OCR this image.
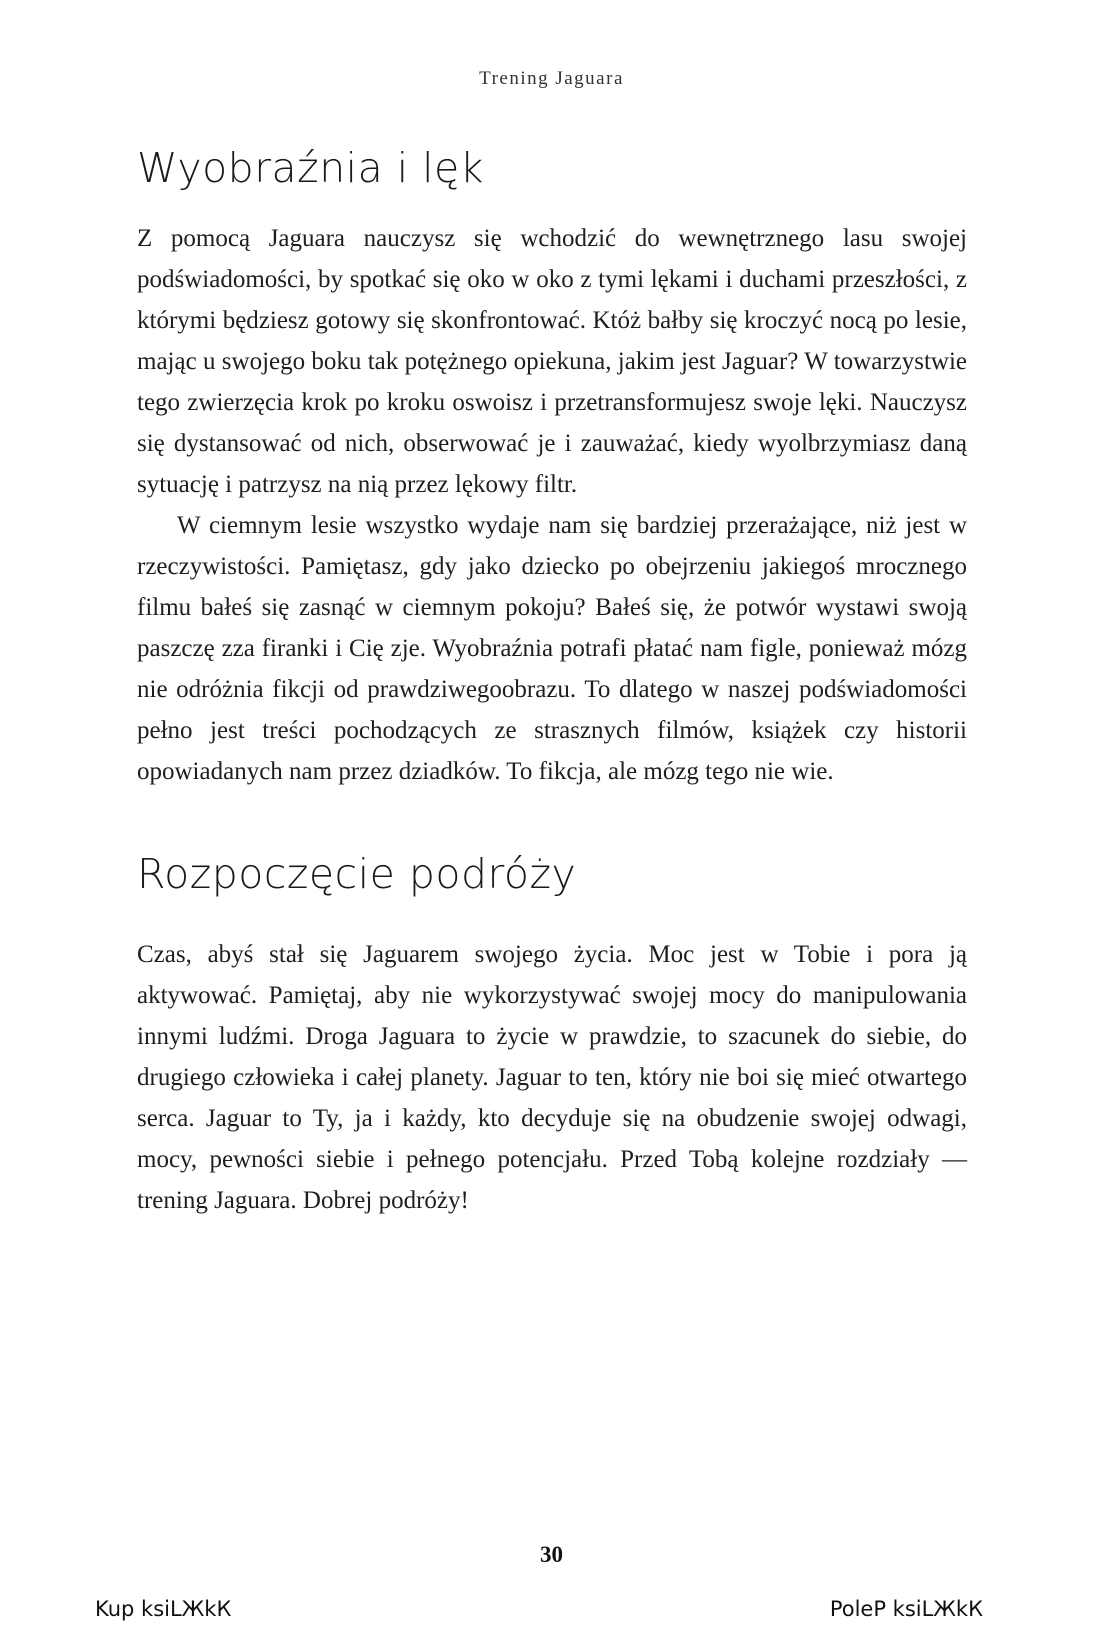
Trening Jaguara
Wyobraźnia i lęk

Z pomocą Jaguara nauczysz się wchodzić do wewnętrznego lasu swojej podświadomości, by spotkać się oko w oko z tymi lękami i duchami przeszłości, z którymi będziesz gotowy się skonfrontować. Któż bałby się kroczyć nocą po lesie, mając u swojego boku tak potężnego opiekuna, jakim jest Jaguar? W towarzystwie tego zwierzęcia krok po kroku oswoisz i przetransformujesz swoje lęki. Nauczysz się dystansować od nich, obserwować je i zauważać, kiedy wyolbrzymiasz daną sytuację i patrzysz na nią przez lękowy filtr.

W ciemnym lesie wszystko wydaje nam się bardziej przerażające, niż jest w rzeczywistości. Pamiętasz, gdy jako dziecko po obejrzeniu jakiegoś mrocznego filmu bałeś się zasnąć w ciemnym pokoju? Bałeś się, że potwór wystawi swoją paszczę zza firanki i Cię zje. Wyobraźnia potrafi płatać nam figle, ponieważ mózg nie odróżnia fikcji od prawdziwegoobrazu. To dlatego w naszej podświadomości pełno jest treści pochodzących ze strasznych filmów, książek czy historii opowiadanych nam przez dziadków. To fikcja, ale mózg tego nie wie.

Rozpoczęcie podróży

Czas, abyś stał się Jaguarem swojego życia. Moc jest w Tobie i pora ją aktywować. Pamiętaj, aby nie wykorzystywać swojej mocy do manipulowania innymi ludźmi. Droga Jaguara to życie w prawdzie, to szacunek do siebie, do drugiego człowieka i całej planety. Jaguar to ten, który nie boi się mieć otwartego serca. Jaguar to Ty, ja i każdy, kto decyduje się na obudzenie swojej odwagi, mocy, pewności siebie i pełnego potencjału. Przed Tobą kolejne rozdziały — trening Jaguara. Dobrej podróży!

30
Kup ksiLЖkК	PoleP ksiLЖkК
